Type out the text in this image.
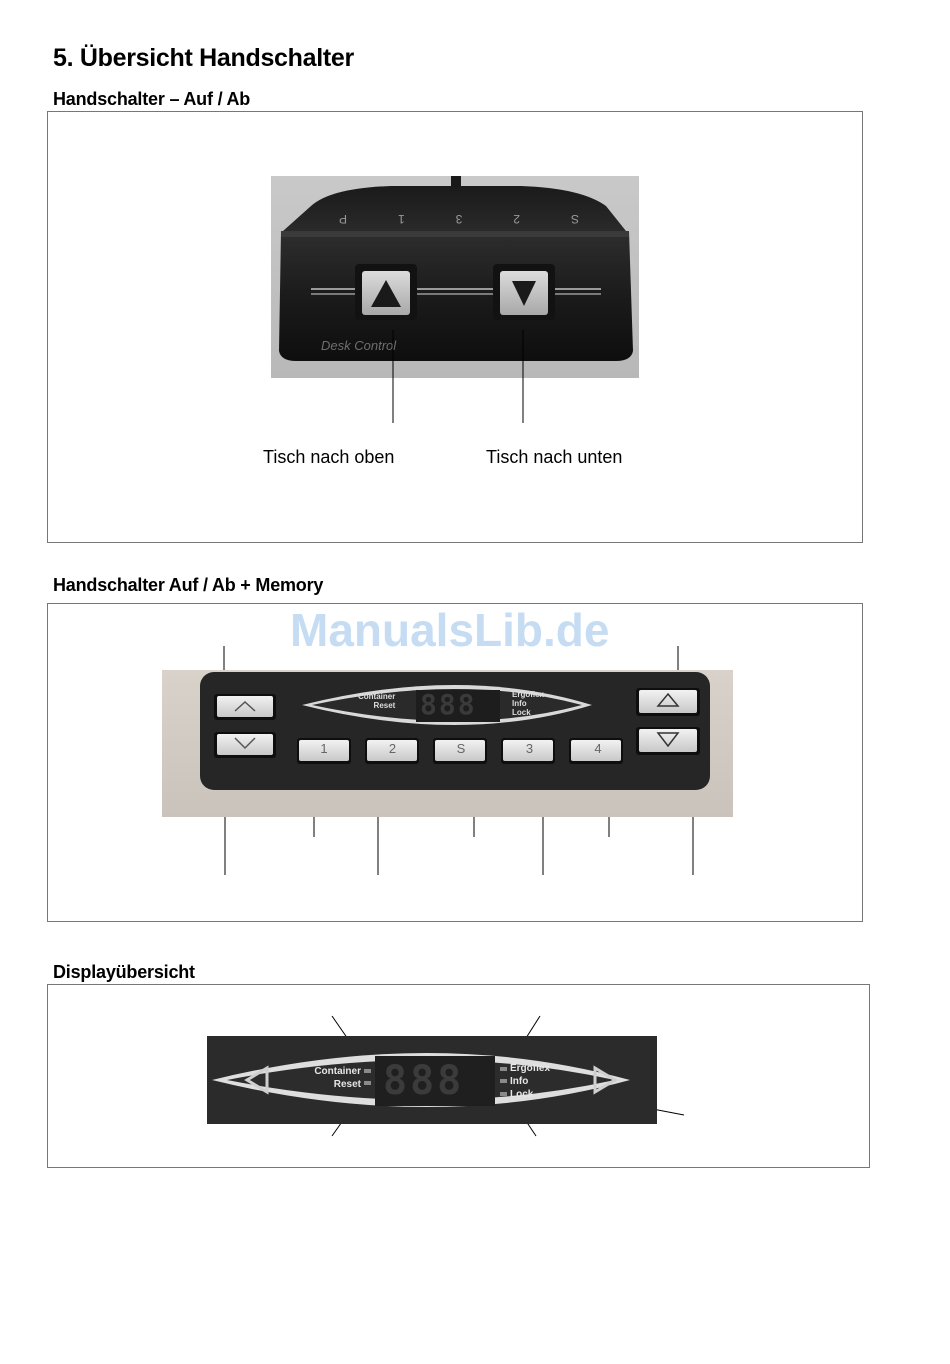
5. Übersicht Handschalter
Handschalter – Auf / Ab
Desk Control
S
2
3
1
P
Tisch nach oben	Tisch nach unten
Handschalter Auf / Ab + Memory
ManualsLib.de
1	2	S	3	4
Container
Reset 888	Ergoflex
Info
Lock
Displayübersicht
Container
Reset 888	Ergoflex
Info
Lock
